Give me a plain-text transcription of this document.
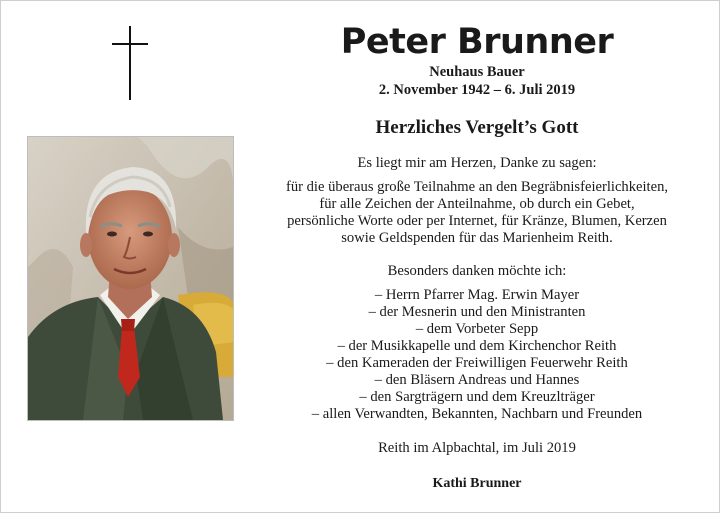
Peter Brunner
Neuhaus Bauer
2. November 1942 – 6. Juli 2019
Herzliches Vergelt’s Gott
Es liegt mir am Herzen, Danke zu sagen:
für die überaus große Teilnahme an den Begräbnisfeierlichkeiten,
für alle Zeichen der Anteilnahme, ob durch ein Gebet,
persönliche Worte oder per Internet, für Kränze, Blumen, Kerzen
sowie Geldspenden für das Marienheim Reith.
Besonders danken möchte ich:
– Herrn Pfarrer Mag. Erwin Mayer
– der Mesnerin und den Ministranten
– dem Vorbeter Sepp
– der Musikkapelle und dem Kirchenchor Reith
– den Kameraden der Freiwilligen Feuerwehr Reith
– den Bläsern Andreas und Hannes
– den Sargträgern und dem Kreuzlträger
– allen Verwandten, Bekannten, Nachbarn und Freunden
Reith im Alpbachtal, im Juli 2019
Kathi Brunner
